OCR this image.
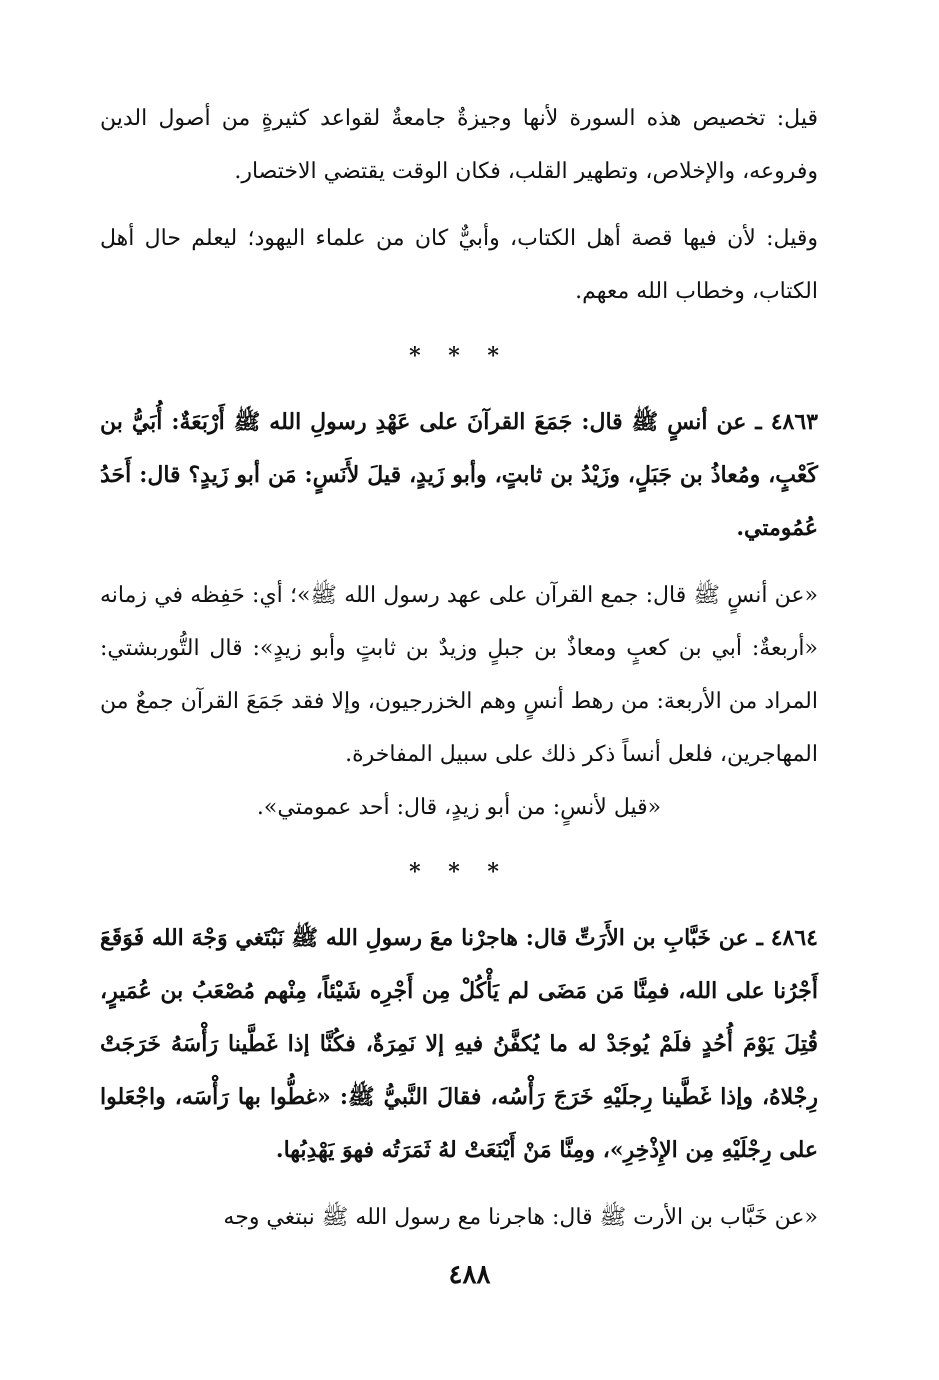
قيل: تخصيص هذه السورة لأنها وجيزةٌ جامعةٌ لقواعد كثيرةٍ من أصول الدين وفروعه، والإخلاص، وتطهير القلب، فكان الوقت يقتضي الاختصار.

وقيل: لأن فيها قصة أهل الكتاب، وأبيٌّ كان من علماء اليهود؛ ليعلم حال أهل الكتاب، وخطاب الله معهم.

* * *

٤٨٦٣ ـ عن أنسٍ ﷺ قال: جَمَعَ القرآنَ على عَهْدِ رسولِ الله ﷺ أَرْبَعَةٌ: أُبَيُّ بن كَعْبٍ، ومُعاذُ بن جَبَلٍ، وزَيْدُ بن ثابتٍ، وأبو زَيدٍ، قيلَ لأَنَسٍ: مَن أبو زَيدٍ؟ قال: أَحَدُ عُمُومتي.

«عن أنسٍ ﷺ قال: جمع القرآن على عهد رسول الله ﷺ»؛ أي: حَفِظه في زمانه «أربعةٌ: أبي بن كعبٍ ومعاذٌ بن جبلٍ وزيدٌ بن ثابتٍ وأبو زيدٍ»: قال التُّوربشتي: المراد من الأربعة: من رهط أنسٍ وهم الخزرجيون، وإلا فقد جَمَعَ القرآن جمعٌ من المهاجرين، فلعل أنساً ذكر ذلك على سبيل المفاخرة.

«قيل لأنسٍ: من أبو زيدٍ، قال: أحد عمومتي».

* * *

٤٨٦٤ ـ عن خَبَّابِ بن الأَرَتِّ قال: هاجرْنا معَ رسولِ الله ﷺ نَبْتَغي وَجْهَ الله فَوَقَعَ أَجْرُنا على الله، فمِنَّا مَن مَضَى لم يَأْكُلْ مِن أَجْرِه شَيْئاً، مِنْهم مُصْعَبُ بن عُمَيرٍ، قُتِلَ يَوْمَ أُحُدٍ فلَمْ يُوجَدْ له ما يُكفَّنُ فيهِ إلا نَمِرَةٌ، فكُنَّا إذا غَطَّينا رَأْسَهُ خَرَجَتْ رِجْلاهُ، وإذا غَطَّينا رِجلَيْهِ خَرَجَ رَأْسُه، فقالَ النَّبيُّ ﷺ: «غطُّوا بها رَأْسَه، واجْعَلوا على رِجْلَيْهِ مِن الإِذْخِرِ»، ومِنَّا مَنْ أَيْنَعَتْ لهُ ثَمَرَتُه فهوَ يَهْدِبُها.

«عن خَبَّاب بن الأرت ﷺ قال: هاجرنا مع رسول الله ﷺ نبتغي وجه

٤٨٨
